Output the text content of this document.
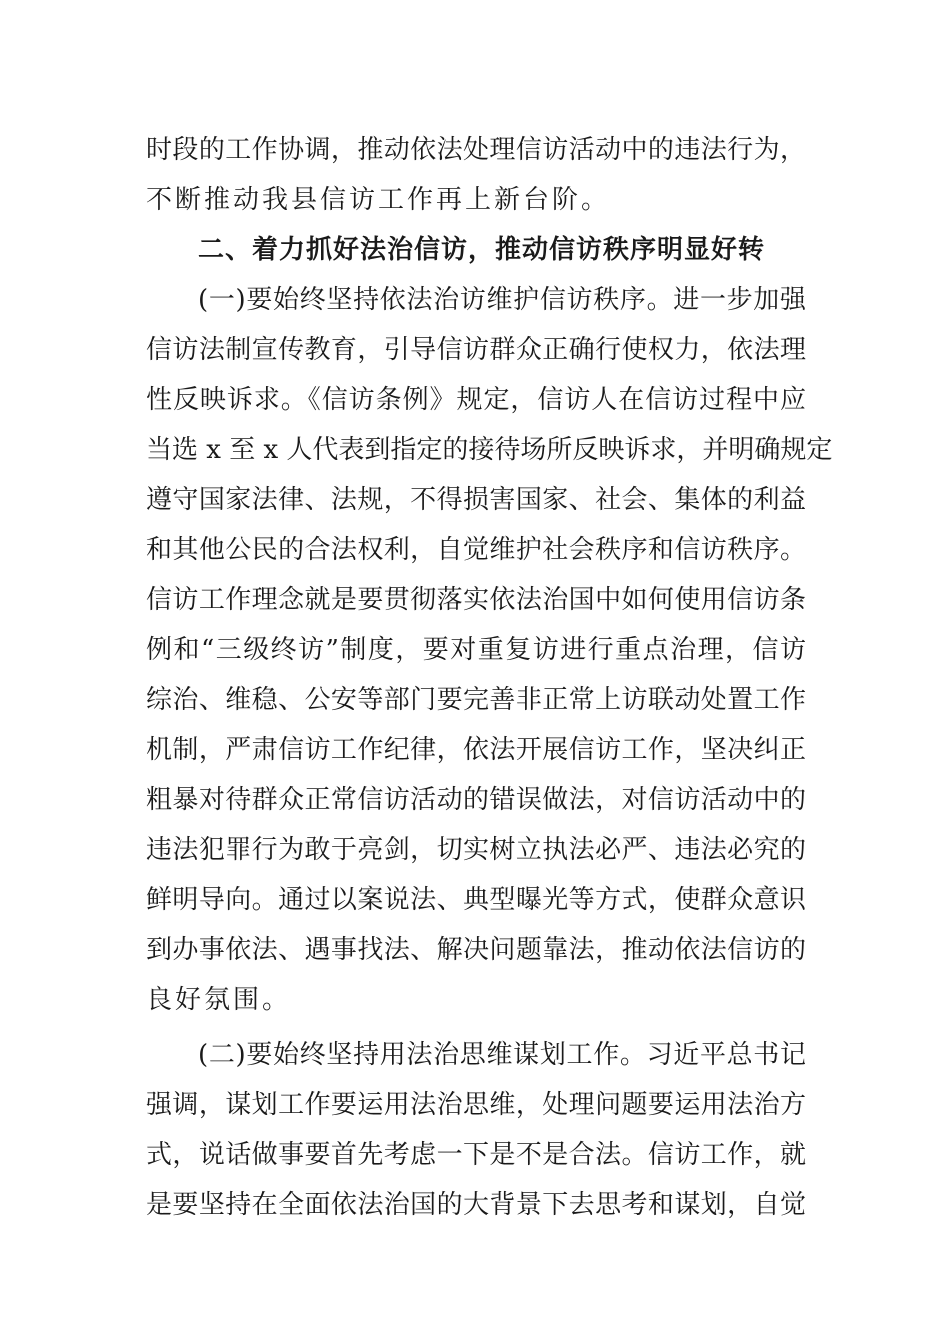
时段的工作协调，推动依法处理信访活动中的违法行为，
不断推动我县信访工作再上新台阶。
二、着力抓好法治信访，推动信访秩序明显好转
(一)要始终坚持依法治访维护信访秩序。进一步加强
信访法制宣传教育，引导信访群众正确行使权力，依法理
性反映诉求。《信访条例》规定，信访人在信访过程中应
当选 x 至 x 人代表到指定的接待场所反映诉求，并明确规定
遵守国家法律、法规，不得损害国家、社会、集体的利益
和其他公民的合法权利，自觉维护社会秩序和信访秩序。
信访工作理念就是要贯彻落实依法治国中如何使用信访条
例和“三级终访”制度，要对重复访进行重点治理，信访
综治、维稳、公安等部门要完善非正常上访联动处置工作
机制，严肃信访工作纪律，依法开展信访工作，坚决纠正
粗暴对待群众正常信访活动的错误做法，对信访活动中的
违法犯罪行为敢于亮剑，切实树立执法必严、违法必究的
鲜明导向。通过以案说法、典型曝光等方式，使群众意识
到办事依法、遇事找法、解决问题靠法，推动依法信访的
良好氛围。
(二)要始终坚持用法治思维谋划工作。习近平总书记
强调，谋划工作要运用法治思维，处理问题要运用法治方
式，说话做事要首先考虑一下是不是合法。信访工作，就
是要坚持在全面依法治国的大背景下去思考和谋划，自觉
